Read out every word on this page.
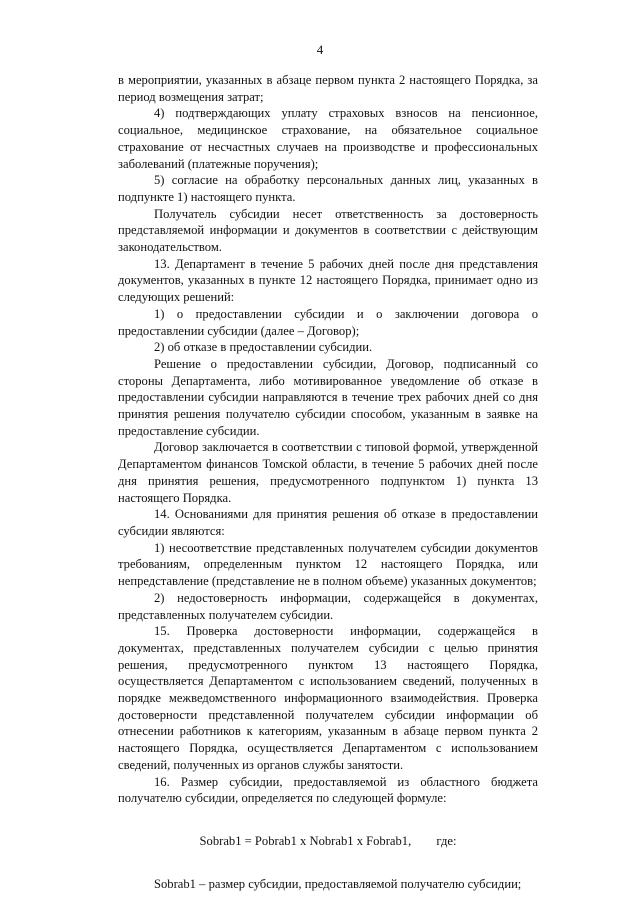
4

в мероприятии, указанных в абзаце первом пункта 2 настоящего Порядка, за период возмещения затрат;

4) подтверждающих уплату страховых взносов на пенсионное, социальное, медицинское страхование, на обязательное социальное страхование от несчастных случаев на производстве и профессиональных заболеваний (платежные поручения);

5) согласие на обработку персональных данных лиц, указанных в подпункте 1) настоящего пункта.

Получатель субсидии несет ответственность за достоверность представляемой информации и документов в соответствии с действующим законодательством.

13. Департамент в течение 5 рабочих дней после дня представления документов, указанных в пункте 12 настоящего Порядка, принимает одно из следующих решений:

1) о предоставлении субсидии и о заключении договора о предоставлении субсидии (далее – Договор);

2) об отказе в предоставлении субсидии.

Решение о предоставлении субсидии, Договор, подписанный со стороны Департамента, либо мотивированное уведомление об отказе в предоставлении субсидии направляются в течение трех рабочих дней со дня принятия решения получателю субсидии способом, указанным в заявке на предоставление субсидии.

Договор заключается в соответствии с типовой формой, утвержденной Департаментом финансов Томской области, в течение 5 рабочих дней после дня принятия решения, предусмотренного подпунктом 1) пункта 13 настоящего Порядка.

14. Основаниями для принятия решения об отказе в предоставлении субсидии являются:

1) несоответствие представленных получателем субсидии документов требованиям, определенным пунктом 12 настоящего Порядка, или непредставление (представление не в полном объеме) указанных документов;

2) недостоверность информации, содержащейся в документах, представленных получателем субсидии.

15. Проверка достоверности информации, содержащейся в документах, представленных получателем субсидии с целью принятия решения, предусмотренного пунктом 13 настоящего Порядка, осуществляется Департаментом с использованием сведений, полученных в порядке межведомственного информационного взаимодействия. Проверка достоверности представленной получателем субсидии информации об отнесении работников к категориям, указанным в абзаце первом пункта 2 настоящего Порядка, осуществляется Департаментом с использованием сведений, полученных из органов службы занятости.

16. Размер субсидии, предоставляемой из областного бюджета получателю субсидии, определяется по следующей формуле:

Sobrab1 = Pobrab1 x Nobrab1 x Fobrab1, где:

Sobrab1 – размер субсидии, предоставляемой получателю субсидии;
